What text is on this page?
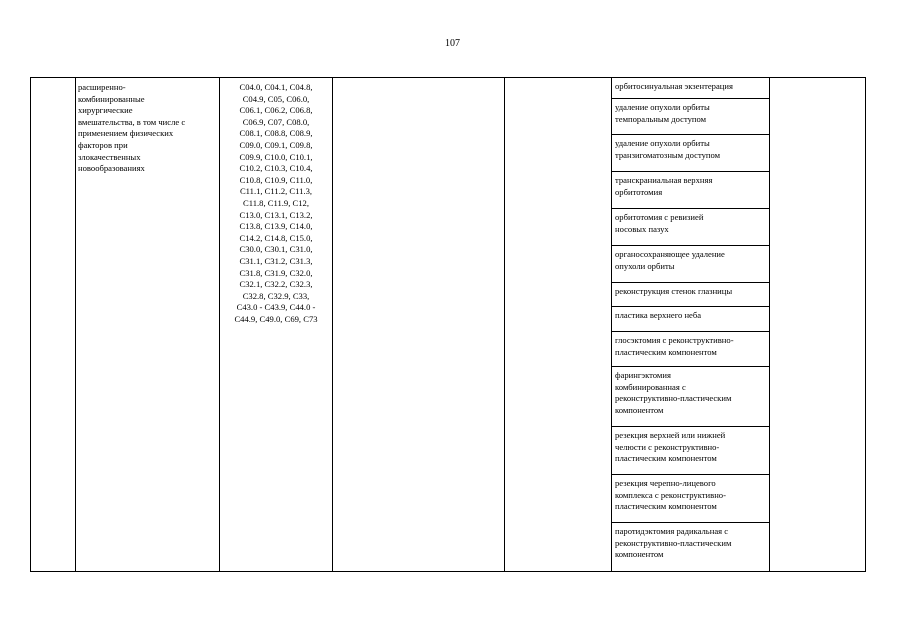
107
расширенно-
комбинированные
хирургические
вмешательства, в том числе с
применением физических
факторов при
злокачественных
новообразованиях
C04.0, C04.1, C04.8,
C04.9, C05, C06.0,
C06.1, C06.2, C06.8,
C06.9, C07, C08.0,
C08.1, C08.8, C08.9,
C09.0, C09.1, C09.8,
C09.9, C10.0, C10.1,
C10.2, C10.3, C10.4,
C10.8, C10.9, C11.0,
C11.1, C11.2, C11.3,
C11.8, C11.9, C12,
C13.0, C13.1, C13.2,
C13.8, C13.9, C14.0,
C14.2, C14.8, C15.0,
C30.0, C30.1, C31.0,
C31.1, C31.2, C31.3,
C31.8, C31.9, C32.0,
C32.1, C32.2, C32.3,
C32.8, C32.9, C33,
C43.0 - C43.9, C44.0 -
C44.9, C49.0, C69, C73
орбитосинуальная экзентерация
удаление опухоли орбиты
темпоральным доступом
удаление опухоли орбиты
транзигоматозным доступом
транскраниальная верхняя
орбитотомия
орбитотомия с ревизией
носовых пазух
органосохраняющее удаление
опухоли орбиты
реконструкция стенок глазницы
пластика верхнего неба
глосэктомия с реконструктивно-
пластическим компонентом
фарингэктомия
комбинированная с
реконструктивно-пластическим
компонентом
резекция верхней или нижней
челюсти с реконструктивно-
пластическим компонентом
резекция черепно-лицевого
комплекса с реконструктивно-
пластическим компонентом
паротидэктомия радикальная с
реконструктивно-пластическим
компонентом
